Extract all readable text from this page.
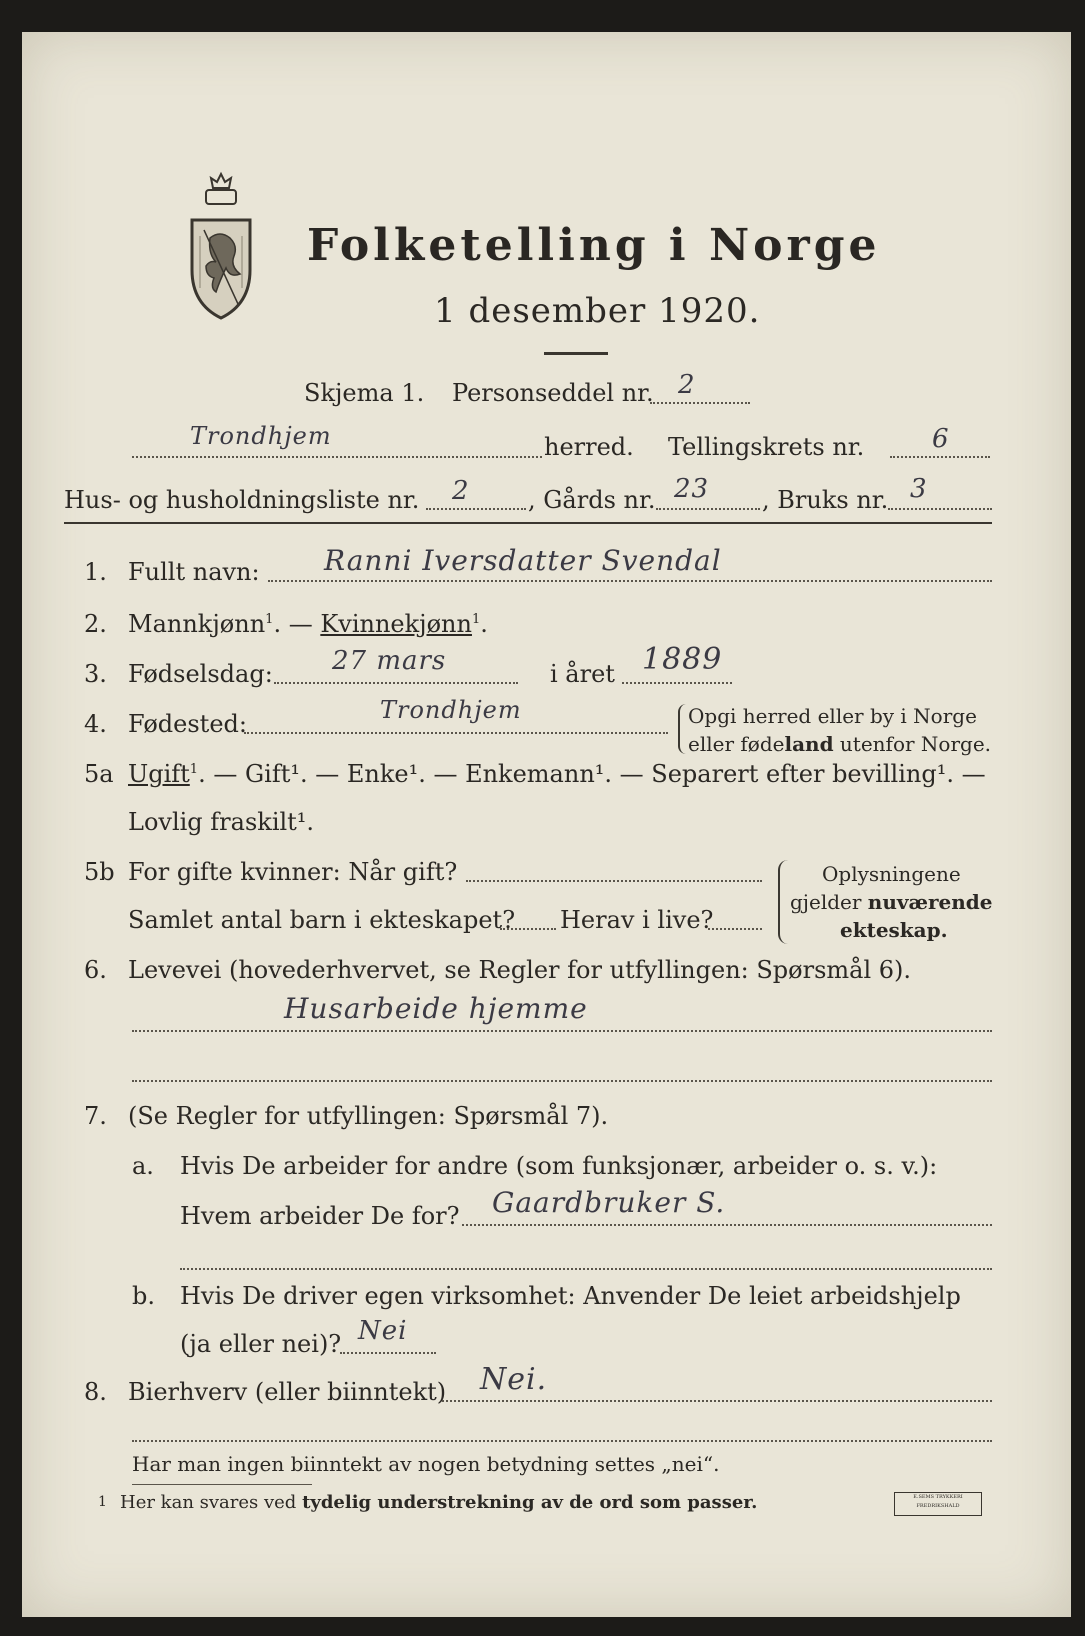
Folketelling i Norge
1 desember 1920.
Skjema 1. Personseddel nr. 2
Trondhjem	herred. Tellingskrets nr.	6
Hus- og husholdningsliste nr. 2 , Gårds nr. 23 , Bruks nr. 3
1. Fullt navn: Ranni Iversdatter Svendal
2. Mannkjønn$^1$. — Kvinnekjønn$^1$.
3. Fødselsdag: 27 mars	i året 1889
4. Fødested:	Trondhjem	Opgi herred eller by i Norge
eller fødeland utenfor Norge.
5a Ugift$^1$. — Gift¹. — Enke¹. — Enkemann¹. — Separert efter bevilling¹. —
Lovlig fraskilt¹.
5b For gifte kvinner: Når gift?
Samlet antal barn i ekteskapet? Herav i live?
Oplysningene
gjelder nuværende
ekteskap.
6. Levevei (hovederhvervet, se Regler for utfyllingen: Spørsmål 6).
Husarbeide hjemme
7. (Se Regler for utfyllingen: Spørsmål 7).
a. Hvis De arbeider for andre (som funksjonær, arbeider o. s. v.):
Hvem arbeider De for? Gaardbruker S.
b. Hvis De driver egen virksomhet: Anvender De leiet arbeidshjelp
(ja eller nei)? Nei
8. Bierhverv (eller biinntekt) Nei.
Har man ingen biinntekt av nogen betydning settes „nei“.
1 Her kan svares ved tydelig understrekning av de ord som passer.	E.SEMS TRYKKERI FREDRIKSHALD
